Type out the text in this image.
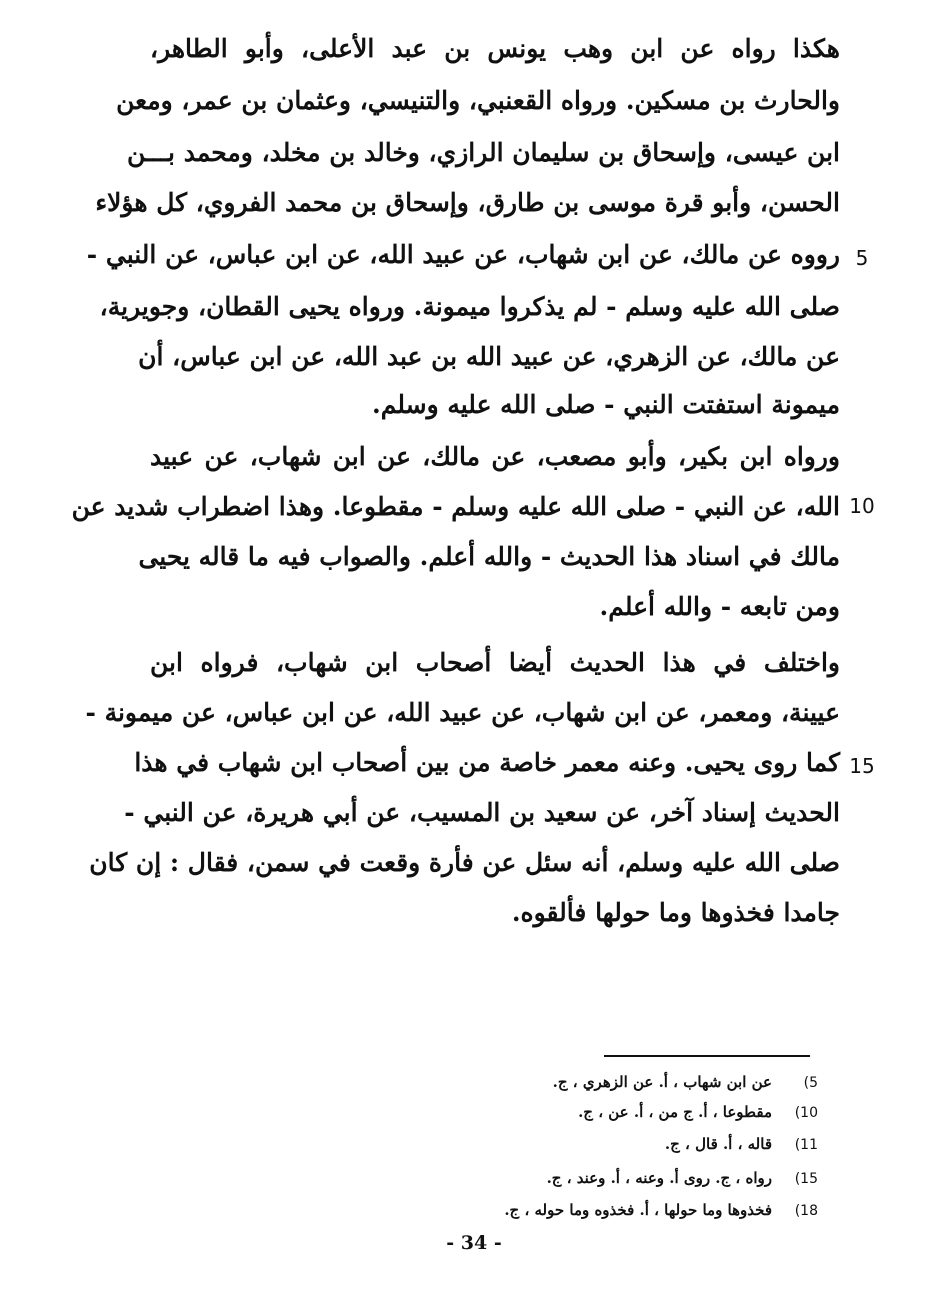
هكذا رواه عن ابن وهب يونس بن عبد الأعلى، وأبو الطاهر،
والحارث بن مسكين. ورواه القعنبي، والتنيسي، وعثمان بن عمر، ومعن
ابن عيسى، وإسحاق بن سليمان الرازي، وخالد بن مخلد، ومحمد بـــن
الحسن، وأبو قرة موسى بن طارق، وإسحاق بن محمد الفروي، كل هؤلاء
رووه عن مالك، عن ابن شهاب، عن عبيد الله، عن ابن عباس، عن النبي -
صلى الله عليه وسلم - لم يذكروا ميمونة. ورواه يحيى القطان، وجويرية،
عن مالك، عن الزهري، عن عبيد الله بن عبد الله، عن ابن عباس، أن
ميمونة استفتت النبي - صلى الله عليه وسلم.
ورواه ابن بكير، وأبو مصعب، عن مالك، عن ابن شهاب، عن عبيد
الله، عن النبي - صلى الله عليه وسلم - مقطوعا. وهذا اضطراب شديد عن
مالك في اسناد هذا الحديث - والله أعلم. والصواب فيه ما قاله يحيى
ومن تابعه - والله أعلم.
واختلف في هذا الحديث أيضا أصحاب ابن شهاب، فرواه ابن
عيينة، ومعمر، عن ابن شهاب، عن عبيد الله، عن ابن عباس، عن ميمونة -
كما روى يحيى. وعنه معمر خاصة من بين أصحاب ابن شهاب في هذا
الحديث إسناد آخر، عن سعيد بن المسيب، عن أبي هريرة، عن النبي -
صلى الله عليه وسلم، أنه سئل عن فأرة وقعت في سمن، فقال : إن كان
جامدا فخذوها وما حولها فألقوه.
5
10
15
5)عن ابن شهاب ، أ. عن الزهري ، ج.
10)مقطوعا ، أ. ج من ، أ. عن ، ج.
11)قاله ، أ. قال ، ج.
15)رواه ، ج. روى أ. وعنه ، أ. وعند ، ج.
18)فخذوها وما حولها ، أ. فخذوه وما حوله ، ج.
- 34 -
